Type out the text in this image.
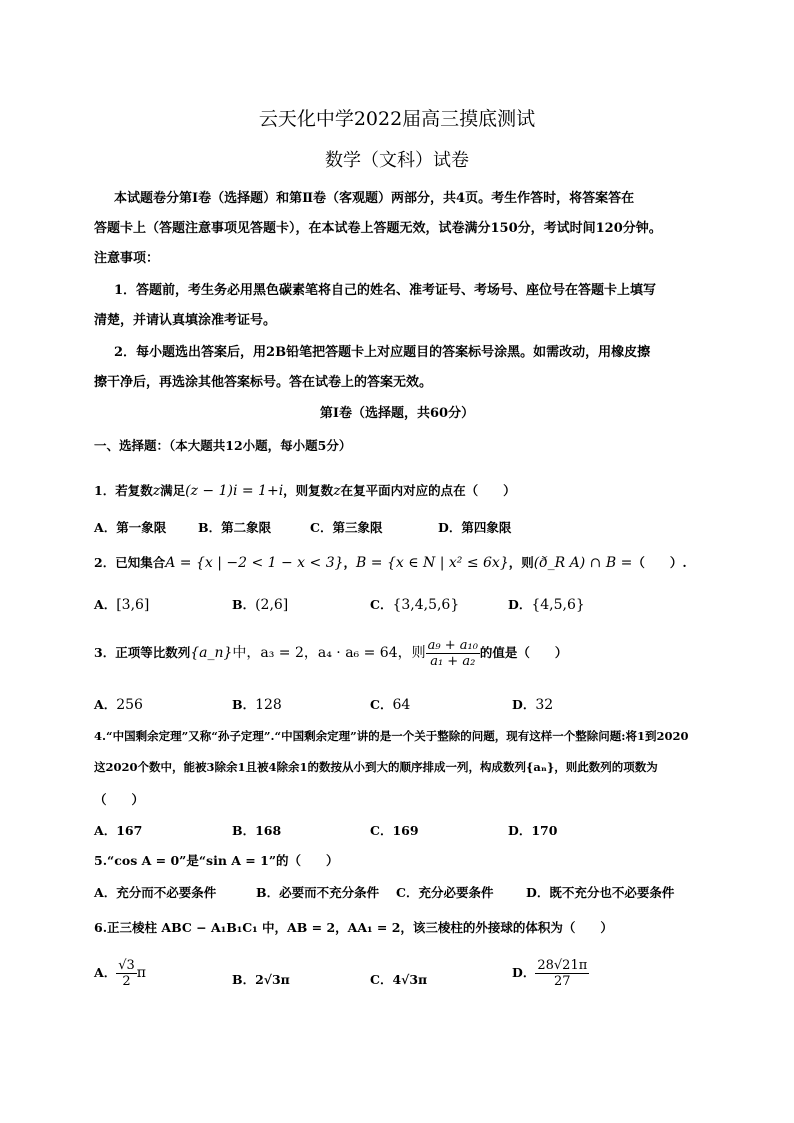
云天化中学2022届高三摸底测试
数学（文科）试卷
本试题卷分第Ⅰ卷（选择题）和第Ⅱ卷（客观题）两部分，共4页。考生作答时，将答案答在
答题卡上（答题注意事项见答题卡），在本试卷上答题无效，试卷满分150分，考试时间120分钟。
注意事项：
1．答题前，考生务必用黑色碳素笔将自己的姓名、准考证号、考场号、座位号在答题卡上填写
清楚，并请认真填涂准考证号。
2．每小题选出答案后，用2B铅笔把答题卡上对应题目的答案标号涂黑。如需改动，用橡皮擦
擦干净后，再选涂其他答案标号。答在试卷上的答案无效。
第Ⅰ卷（选择题，共60分）
一、选择题：（本大题共12小题，每小题5分）
1．若复数z满足(z − 1)i = 1+i，则复数z在复平面内对应的点在（　　）
A．第一象限	B．第二象限	C．第三象限	D．第四象限
2．已知集合A = {x | −2 < 1 − x < 3}，B = {x ∈ N | x² ≤ 6x}，则(ð_R A) ∩ B =（　　）.
A．[3,6]	B．(2,6]	C．{3,4,5,6}	D．{4,5,6}
3．正项等比数列{a_n}中，a₃ = 2，a₄ · a₆ = 64，则 $\frac{\text{a₉ + a₁₀}}{\text{a₁ + a₂}}$ 的值是（　　）
A．256	B．128	C．64	D．32
4.“中国剩余定理”又称“孙子定理”.“中国剩余定理”讲的是一个关于整除的问题，现有这样一个整除问题:将1到2020
这2020个数中，能被3除余1且被4除余1的数按从小到大的顺序排成一列，构成数列{aₙ}，则此数列的项数为
（　　）
A．167	B．168	C．169	D．170
5.“cos A = 0”是“sin A = 1”的（　　）
A．充分而不必要条件	B．必要而不充分条件 C．充分必要条件	D．既不充分也不必要条件
6.正三棱柱 ABC − A₁B₁C₁ 中，AB = 2，AA₁ = 2，该三棱柱的外接球的体积为（　　）
A． $\frac{√3}{2}$ π	B．2√3π	C．4√3π	D． $\frac{28√21\pi}{27}$
